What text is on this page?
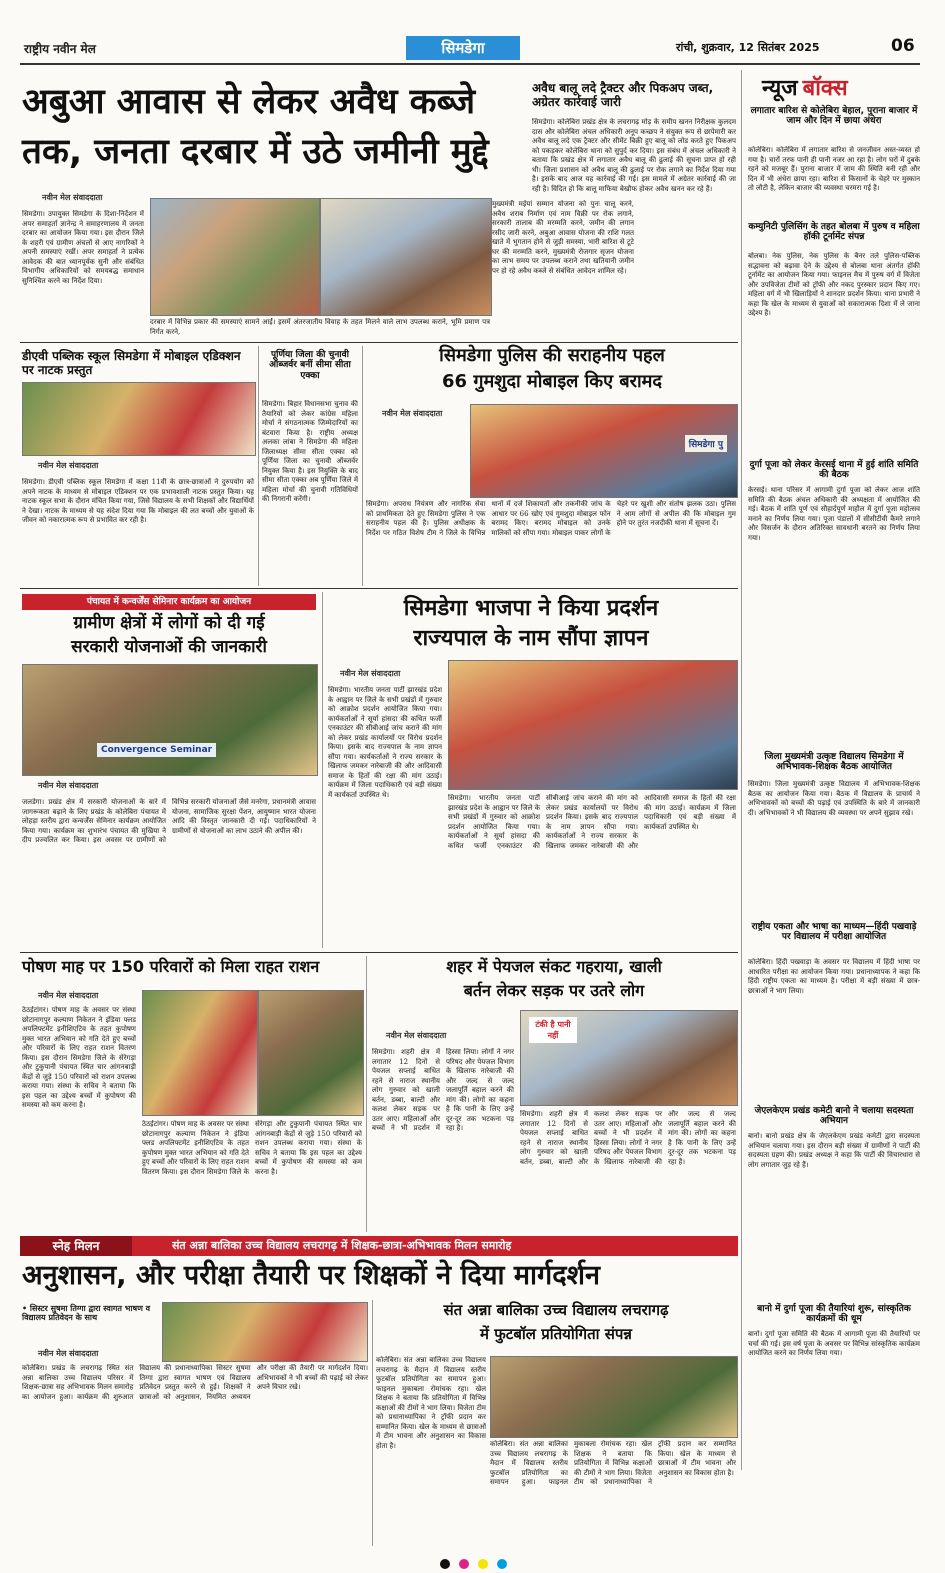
राष्ट्रीय नवीन मेल	सिमडेगा	रांची, शुक्रवार, 12 सितंबर 2025	06
अबुआ आवास से लेकर अवैध कब्जे
तक, जनता दरबार में उठे जमीनी मुद्दे
नवीन मेल संवाददाता
सिमडेगा। उपायुक्त सिमडेगा के दिशा-निर्देशन में अपर समाहर्ता ज्ञानेन्द्र ने समाहरणालय में जनता दरबार का आयोजन किया गया। इस दौरान जिले के शहरी एवं ग्रामीण अंचलों से आए नागरिकों ने अपनी समस्याएं रखीं। अपर समाहर्ता ने प्रत्येक आवेदक की बात ध्यानपूर्वक सुनी और संबंधित विभागीय अधिकारियों को समयबद्ध समाधान सुनिश्चित करने का निर्देश दिया।
दरबार में विभिन्न प्रकार की समस्याएं सामने आईं। इसमें अंतरजातीय विवाह के तहत मिलने वाले लाभ उपलब्ध कराने, भूमि प्रमाण पत्र निर्गत करने,
मुख्यमंत्री मईयां सम्मान योजना को पुनः चालू करने, अवैध शराब निर्माण एवं नाम विक्री पर रोक लगाने, सरकारी तालाब की मरम्मति करने, जमीन की लगान रसीद जारी करने, अबुआ आवास योजना की राशि गलत खाते में भुगतान होने से जुड़ी समस्या, भारी बारिश से टूटे घर की मरम्मति करने, मुख्यमंत्री रोजगार सृजन योजना का लाभ समय पर उपलब्ध कराने तथा खतियानी जमीन पर हो रहे अवैध कब्जे से संबंधित आवेदन शामिल रहे।
अवैध बालू लदे ट्रैक्टर और पिकअप जब्त, अग्रेतर कार्रवाई जारी
सिमडेगा। कोलेबिरा प्रखंड क्षेत्र के लचरागढ़ मोड़ के समीप खनन निरीक्षक कुलदम दास और कोलेबिरा अंचल अधिकारी अनूप कच्छप ने संयुक्त रूप से छापेमारी कर अवैध बालू लदे एक ट्रैक्टर और सीमेंट बिक्री हुए बालू को लोड करते हुए पिकअप को पकड़कर कोलेबिरा थाना को सुपुर्द कर दिया। इस संबंध में अंचल अधिकारी ने बताया कि प्रखंड क्षेत्र में लगातार अवैध बालू की ढुलाई की सूचना प्राप्त हो रही थी। जिला प्रशासन को अवैध बालू की ढुलाई पर रोक लगाने का निर्देश दिया गया है। इसके बाद आज यह कार्रवाई की गई। इस मामले में अग्रेतर कार्रवाई की जा रही है। विदित हो कि बालू माफिया बेखौफ होकर अवैध खनन कर रहे हैं।
न्यूज बॉक्स
लगातार बारिश से कोलेबिरा बेहाल, पुराना बाजार में जाम और दिन में छाया अंधेरा
कोलेबिरा। कोलेबिरा में लगातार बारिश से जनजीवन अस्त-व्यस्त हो गया है। चारों तरफ पानी ही पानी नजर आ रहा है। लोग घरों में दुबके रहने को मजबूर हैं। पुराना बाजार में जाम की स्थिति बनी रही और दिन में भी अंधेरा छाया रहा। बारिश से किसानों के चेहरे पर मुस्कान तो लौटी है, लेकिन बाजार की व्यवस्था चरमरा गई है।
कम्युनिटी पुलिसिंग के तहत बोलबा में पुरुष व महिला हॉकी टूर्नामेंट संपन्न
बोलबा। नेक पुलिस, नेक पुलिस के बैनर तले पुलिस-पब्लिक सद्भावना को बढ़ावा देने के उद्देश्य से बोलबा थाना अंतर्गत हॉकी टूर्नामेंट का आयोजन किया गया। फाइनल मैच में पुरुष वर्ग में विजेता और उपविजेता टीमों को ट्रॉफी और नकद पुरस्कार प्रदान किए गए। महिला वर्ग में भी खिलाड़ियों ने शानदार प्रदर्शन किया। थाना प्रभारी ने कहा कि खेल के माध्यम से युवाओं को सकारात्मक दिशा में ले जाना उद्देश्य है।
दुर्गा पूजा को लेकर केरसई थाना में हुई शांति समिति की बैठक
केरसई। थाना परिसर में आगामी दुर्गा पूजा को लेकर आज शांति समिति की बैठक अंचल अधिकारी की अध्यक्षता में आयोजित की गई। बैठक में शांति पूर्ण एवं सौहार्दपूर्ण माहौल में दुर्गा पूजा महोत्सव मनाने का निर्णय लिया गया। पूजा पंडालों में सीसीटीवी कैमरे लगाने और विसर्जन के दौरान अतिरिक्त सावधानी बरतने का निर्णय लिया गया।
जिला मुख्यमंत्री उत्कृष्ट विद्यालय सिमडेगा में अभिभावक-शिक्षक बैठक आयोजित
सिमडेगा। जिला मुख्यमंत्री उत्कृष्ट विद्यालय में अभिभावक-शिक्षक बैठक का आयोजन किया गया। बैठक में विद्यालय के प्राचार्य ने अभिभावकों को बच्चों की पढ़ाई एवं उपस्थिति के बारे में जानकारी दी। अभिभावकों ने भी विद्यालय की व्यवस्था पर अपने सुझाव रखे।
राष्ट्रीय एकता और भाषा का माध्यम—हिंदी पखवाड़े पर विद्यालय में परीक्षा आयोजित
कोलेबिरा। हिंदी पखवाड़ा के अवसर पर विद्यालय में हिंदी भाषा पर आधारित परीक्षा का आयोजन किया गया। प्रधानाध्यापक ने कहा कि हिंदी राष्ट्रीय एकता का माध्यम है। परीक्षा में बड़ी संख्या में छात्र-छात्राओं ने भाग लिया।
जेएलकेएम प्रखंड कमेटी बानो ने चलाया सदस्यता अभियान
बानो। बानो प्रखंड क्षेत्र के जेएलकेएम प्रखंड कमेटी द्वारा सदस्यता अभियान चलाया गया। इस दौरान बड़ी संख्या में ग्रामीणों ने पार्टी की सदस्यता ग्रहण की। प्रखंड अध्यक्ष ने कहा कि पार्टी की विचारधारा से लोग लगातार जुड़ रहे हैं।
बानो में दुर्गा पूजा की तैयारियां शुरू, सांस्कृतिक कार्यक्रमों की धूम
बानो। दुर्गा पूजा समिति की बैठक में आगामी पूजा की तैयारियों पर चर्चा की गई। इस वर्ष पूजा के अवसर पर विभिन्न सांस्कृतिक कार्यक्रम आयोजित करने का निर्णय लिया गया।
डीएवी पब्लिक स्कूल सिमडेगा में मोबाइल एडिक्शन पर नाटक प्रस्तुत
नवीन मेल संवाददाता
सिमडेगा। डीएवी पब्लिक स्कूल सिमडेगा में कक्षा 11वीं के छात्र-छात्राओं ने दुरुपयोग को अपने नाटक के माध्यम से मोबाइल एडिक्शन पर एक प्रभावशाली नाटक प्रस्तुत किया। यह नाटक स्कूल सभा के दौरान मंचित किया गया, जिसे विद्यालय के सभी शिक्षकों और विद्यार्थियों ने देखा। नाटक के माध्यम से यह संदेश दिया गया कि मोबाइल की लत बच्चों और युवाओं के जीवन को नकारात्मक रूप से प्रभावित कर रही है।
पूर्णिया जिला की चुनावी ऑब्जर्वर बनीं सीमा सीता एक्का
सिमडेगा। बिहार विधानसभा चुनाव की तैयारियों को लेकर कांग्रेस महिला मोर्चा ने संगठनात्मक जिम्मेदारियों का बंटवारा किया है। राष्ट्रीय अध्यक्ष अलका लांबा ने सिमडेगा की महिला जिलाध्यक्ष सीमा सीता एक्का को पूर्णिया जिला का चुनावी ऑब्जर्वर नियुक्त किया है। इस नियुक्ति के बाद सीमा सीता एक्का अब पूर्णिया जिले में महिला मोर्चा की चुनावी गतिविधियों की निगरानी करेंगी।
सिमडेगा पुलिस की सराहनीय पहल
66 गुमशुदा मोबाइल किए बरामद
नवीन मेल संवाददाता
सिमडेगा पु
सिमडेगा। अपराध नियंत्रण और नागरिक सेवा को प्राथमिकता देते हुए सिमडेगा पुलिस ने एक सराहनीय पहल की है। पुलिस अधीक्षक के निर्देश पर गठित विशेष टीम ने जिले के विभिन्न थानों में दर्ज शिकायतों और तकनीकी जांच के आधार पर 66 खोए एवं गुमशुदा मोबाइल फोन बरामद किए। बरामद मोबाइल को उनके मालिकों को सौंपा गया। मोबाइल पाकर लोगों के चेहरे पर खुशी और संतोष झलक उठा। पुलिस ने आम लोगों से अपील की कि मोबाइल गुम होने पर तुरंत नजदीकी थाना में सूचना दें।
पंचायत में कन्वर्जेंस सेमिनार कार्यक्रम का आयोजन
ग्रामीण क्षेत्रों में लोगों को दी गई
सरकारी योजनाओं की जानकारी
Convergence Seminar
नवीन मेल संवाददाता
जलडेगा। प्रखंड क्षेत्र में सरकारी योजनाओं के बारे में जागरूकता बढ़ाने के लिए प्रखंड के कोलेबिरा पंचायत में लोहड़ा स्तरीय द्वारा कन्वर्जेंस सेमिनार कार्यक्रम आयोजित किया गया। कार्यक्रम का शुभारंभ पंचायत की मुखिया ने दीप प्रज्वलित कर किया। इस अवसर पर ग्रामीणों को विभिन्न सरकारी योजनाओं जैसे मनरेगा, प्रधानमंत्री आवास योजना, सामाजिक सुरक्षा पेंशन, आयुष्मान भारत योजना आदि की विस्तृत जानकारी दी गई। पदाधिकारियों ने ग्रामीणों से योजनाओं का लाभ उठाने की अपील की।
सिमडेगा भाजपा ने किया प्रदर्शन
राज्यपाल के नाम सौंपा ज्ञापन
नवीन मेल संवाददाता
सिमडेगा। भारतीय जनता पार्टी झारखंड प्रदेश के आह्वान पर जिले के सभी प्रखंडों में गुरुवार को आक्रोश प्रदर्शन आयोजित किया गया। कार्यकर्ताओं ने सूर्या हांसदा की कथित फर्जी एनकाउंटर की सीबीआई जांच कराने की मांग को लेकर प्रखंड कार्यालयों पर विरोध प्रदर्शन किया। इसके बाद राज्यपाल के नाम ज्ञापन सौंपा गया। कार्यकर्ताओं ने राज्य सरकार के खिलाफ जमकर नारेबाजी की और आदिवासी समाज के हितों की रक्षा की मांग उठाई। कार्यक्रम में जिला पदाधिकारी एवं बड़ी संख्या में कार्यकर्ता उपस्थित थे।	सिमडेगा। भारतीय जनता पार्टी झारखंड प्रदेश के आह्वान पर जिले के सभी प्रखंडों में गुरुवार को आक्रोश प्रदर्शन आयोजित किया गया। कार्यकर्ताओं ने सूर्या हांसदा की कथित फर्जी एनकाउंटर की सीबीआई जांच कराने की मांग को लेकर प्रखंड कार्यालयों पर विरोध प्रदर्शन किया। इसके बाद राज्यपाल के नाम ज्ञापन सौंपा गया। कार्यकर्ताओं ने राज्य सरकार के खिलाफ जमकर नारेबाजी की और आदिवासी समाज के हितों की रक्षा की मांग उठाई। कार्यक्रम में जिला पदाधिकारी एवं बड़ी संख्या में कार्यकर्ता उपस्थित थे।
पोषण माह पर 150 परिवारों को मिला राहत राशन
नवीन मेल संवाददाता
ठेठईटांगर। पोषण माह के अवसर पर संस्था छोटानागपुर कल्याण निकेतन ने इंडिया फ्लड अपलिफ्टमेंट इनीशिएटिव के तहत कुपोषण मुक्त भारत अभियान को गति देते हुए बच्चों और परिवारों के लिए राहत राशन वितरण किया। इस दौरान सिमडेगा जिले के सेरेगड़ा और टुकुपानी पंचायत स्थित चार आंगनबाड़ी केंद्रों से जुड़े 150 परिवारों को राशन उपलब्ध कराया गया। संस्था के सचिव ने बताया कि इस पहल का उद्देश्य बच्चों में कुपोषण की समस्या को कम करना है।
ठेठईटांगर। पोषण माह के अवसर पर संस्था छोटानागपुर कल्याण निकेतन ने इंडिया फ्लड अपलिफ्टमेंट इनीशिएटिव के तहत कुपोषण मुक्त भारत अभियान को गति देते हुए बच्चों और परिवारों के लिए राहत राशन वितरण किया। इस दौरान सिमडेगा जिले के सेरेगड़ा और टुकुपानी पंचायत स्थित चार आंगनबाड़ी केंद्रों से जुड़े 150 परिवारों को राशन उपलब्ध कराया गया। संस्था के सचिव ने बताया कि इस पहल का उद्देश्य बच्चों में कुपोषण की समस्या को कम करना है।
शहर में पेयजल संकट गहराया, खाली
बर्तन लेकर सड़क पर उतरे लोग
नवीन मेल संवाददाता
टंकी है पानी नहीं
सिमडेगा। शहरी क्षेत्र में लगातार 12 दिनों से पेयजल सप्लाई बाधित रहने से नाराज स्थानीय लोग गुरुवार को खाली बर्तन, डब्बा, बाल्टी और कलश लेकर सड़क पर उतर आए। महिलाओं और बच्चों ने भी प्रदर्शन में हिस्सा लिया। लोगों ने नगर परिषद और पेयजल विभाग के खिलाफ नारेबाजी की और जल्द से जल्द जलापूर्ति बहाल करने की मांग की। लोगों का कहना है कि पानी के लिए उन्हें दूर-दूर तक भटकना पड़ रहा है।
सिमडेगा। शहरी क्षेत्र में लगातार 12 दिनों से पेयजल सप्लाई बाधित रहने से नाराज स्थानीय लोग गुरुवार को खाली बर्तन, डब्बा, बाल्टी और कलश लेकर सड़क पर उतर आए। महिलाओं और बच्चों ने भी प्रदर्शन में हिस्सा लिया। लोगों ने नगर परिषद और पेयजल विभाग के खिलाफ नारेबाजी की और जल्द से जल्द जलापूर्ति बहाल करने की मांग की। लोगों का कहना है कि पानी के लिए उन्हें दूर-दूर तक भटकना पड़ रहा है।
स्नेह मिलन	संत अन्ना बालिका उच्च विद्यालय लचरागढ़ में शिक्षक-छात्रा-अभिभावक मिलन समारोह
अनुशासन, और परीक्षा तैयारी पर शिक्षकों ने दिया मार्गदर्शन
• सिस्टर सुषमा तिग्गा द्वारा स्वागत भाषण व विद्यालय प्रतिवेदन के साथ
नवीन मेल संवाददाता
कोलेबिरा। प्रखंड के लचरागढ़ स्थित संत अन्ना बालिका उच्च विद्यालय परिसर में शिक्षक-छात्रा सह अभिभावक मिलन समारोह का आयोजन हुआ। कार्यक्रम की शुरुआत विद्यालय की प्रधानाध्यापिका सिस्टर सुषमा तिग्गा द्वारा स्वागत भाषण एवं विद्यालय प्रतिवेदन प्रस्तुत करने से हुई। शिक्षकों ने छात्राओं को अनुशासन, नियमित अध्ययन और परीक्षा की तैयारी पर मार्गदर्शन दिया। अभिभावकों ने भी बच्चों की पढ़ाई को लेकर अपने विचार रखे।
संत अन्ना बालिका उच्च विद्यालय लचरागढ़
में फुटबॉल प्रतियोगिता संपन्न
कोलेबिरा। संत अन्ना बालिका उच्च विद्यालय लचरागढ़ के मैदान में विद्यालय स्तरीय फुटबॉल प्रतियोगिता का समापन हुआ। फाइनल मुकाबला रोमांचक रहा। खेल शिक्षक ने बताया कि प्रतियोगिता में विभिन्न कक्षाओं की टीमों ने भाग लिया। विजेता टीम को प्रधानाध्यापिका ने ट्रॉफी प्रदान कर सम्मानित किया। खेल के माध्यम से छात्राओं में टीम भावना और अनुशासन का विकास होता है।	कोलेबिरा। संत अन्ना बालिका उच्च विद्यालय लचरागढ़ के मैदान में विद्यालय स्तरीय फुटबॉल प्रतियोगिता का समापन हुआ। फाइनल मुकाबला रोमांचक रहा। खेल शिक्षक ने बताया कि प्रतियोगिता में विभिन्न कक्षाओं की टीमों ने भाग लिया। विजेता टीम को प्रधानाध्यापिका ने ट्रॉफी प्रदान कर सम्मानित किया। खेल के माध्यम से छात्राओं में टीम भावना और अनुशासन का विकास होता है।
